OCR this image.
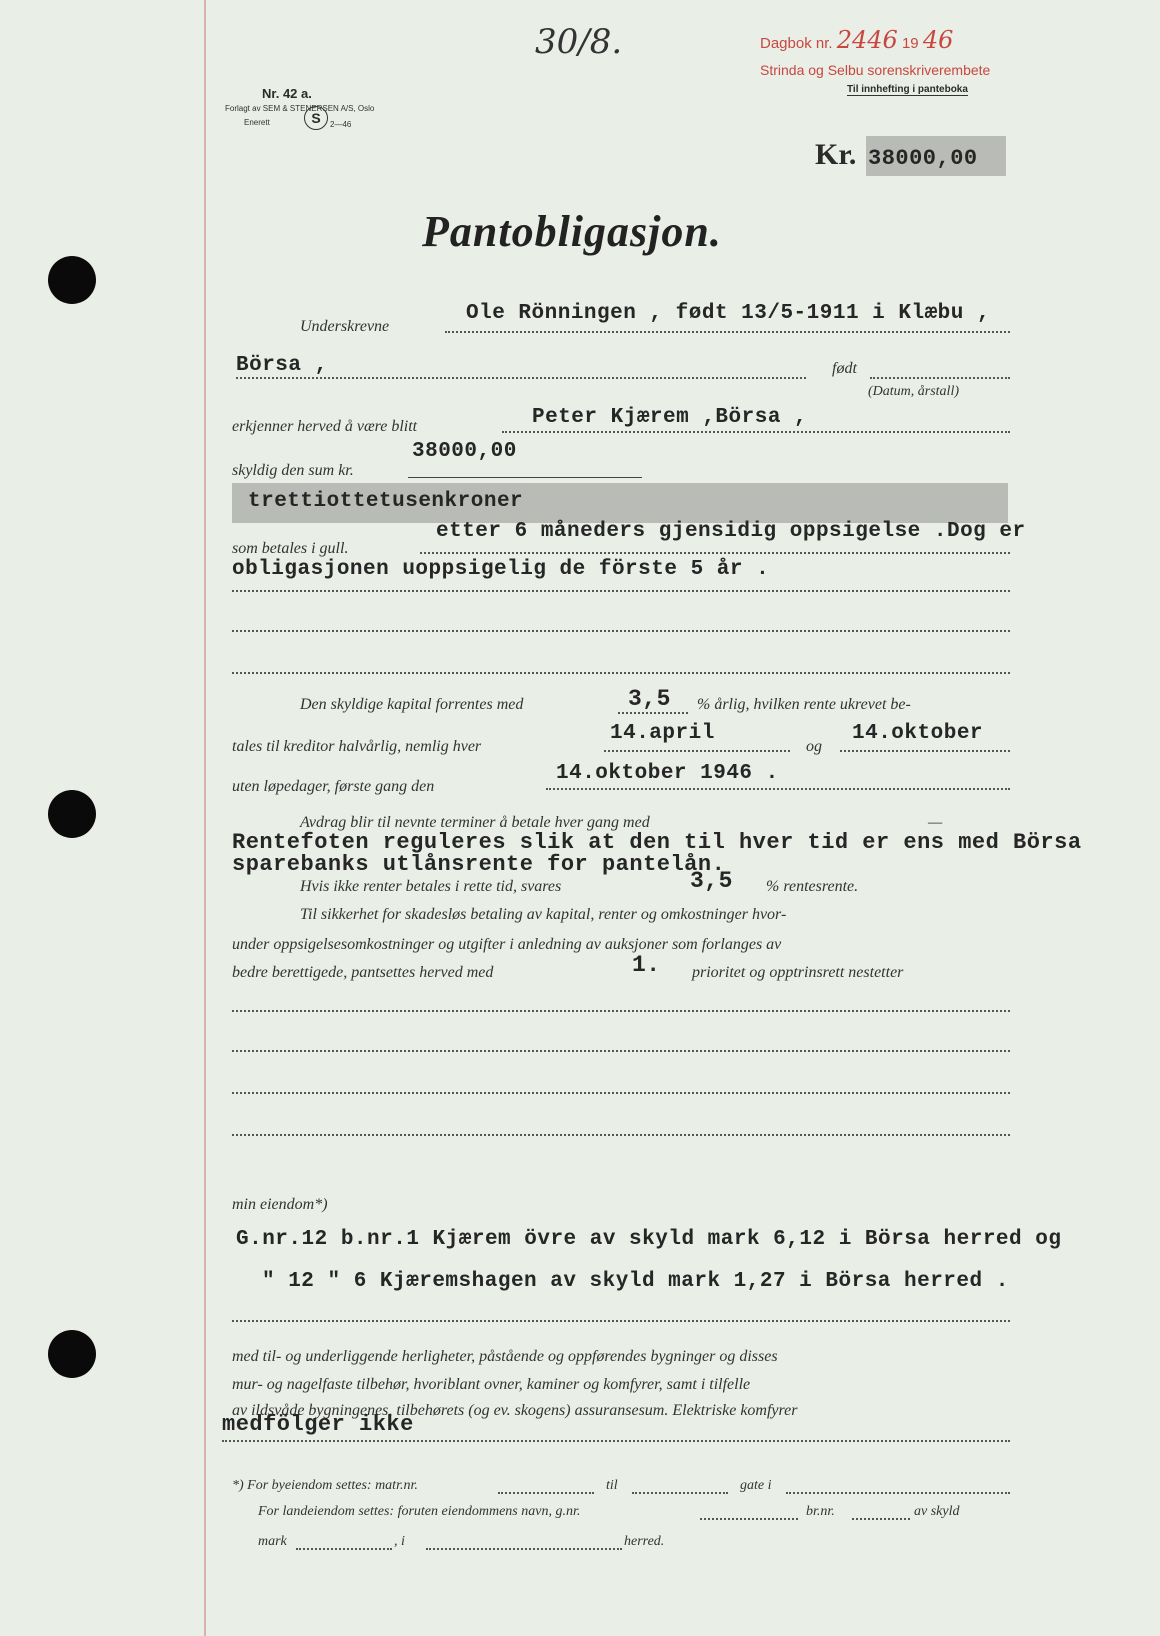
30/8.	Dagbok nr. 2446 19 46
Strinda og Selbu sorenskriverembete
Til innhefting i panteboka
Nr. 42 a.
Forlagt av SEM & STENERSEN A/S, Oslo
Enerett	S	2—46
Kr. 38000,00
Pantobligasjon.
Underskrevne
Ole Rönningen , født 13/5-1911 i Klæbu ,
Börsa ,	født
(Datum, årstall)
erkjenner herved å være blitt	Peter Kjærem ,Börsa ,
skyldig den sum kr.
38000,00
trettiottetusenkroner
som betales i gull.
etter 6 måneders gjensidig oppsigelse .Dog er
obligasjonen uoppsigelig de förste 5 år .
Den skyldige kapital forrentes med	3,5 % årlig, hvilken rente ukrevet be-
tales til kreditor halvårlig, nemlig hver
14.april
og
14.oktober
uten løpedager, første gang den
14.oktober 1946 .
Avdrag blir til nevnte terminer å betale hver gang med	—
Rentefoten reguleres slik at den til hver tid er ens med Börsa
sparebanks utlånsrente for pantelån.
Hvis ikke renter betales i rette tid, svares	3,5 % rentesrente.
Til sikkerhet for skadesløs betaling av kapital, renter og omkostninger hvor-
under oppsigelsesomkostninger og utgifter i anledning av auksjoner som forlanges av
bedre berettigede, pantsettes herved med	1. prioritet og opptrinsrett nestetter
min eiendom*)
G.nr.12 b.nr.1 Kjærem övre av skyld mark 6,12 i Börsa herred og
" 12 " 6 Kjæremshagen av skyld mark 1,27 i Börsa herred .
med til- og underliggende herligheter, påstående og oppførendes bygninger og disses
mur- og nagelfaste tilbehør, hvoriblant ovner, kaminer og komfyrer, samt i tilfelle
av ildsvåde bygningenes, tilbehørets (og ev. skogens) assuransesum. Elektriske komfyrer
medfölger ikke
*) For byeiendom settes: matr.nr.	til	gate i
For landeiendom settes: foruten eiendommens navn, g.nr.	br.nr.	av skyld
mark	, i	herred.
